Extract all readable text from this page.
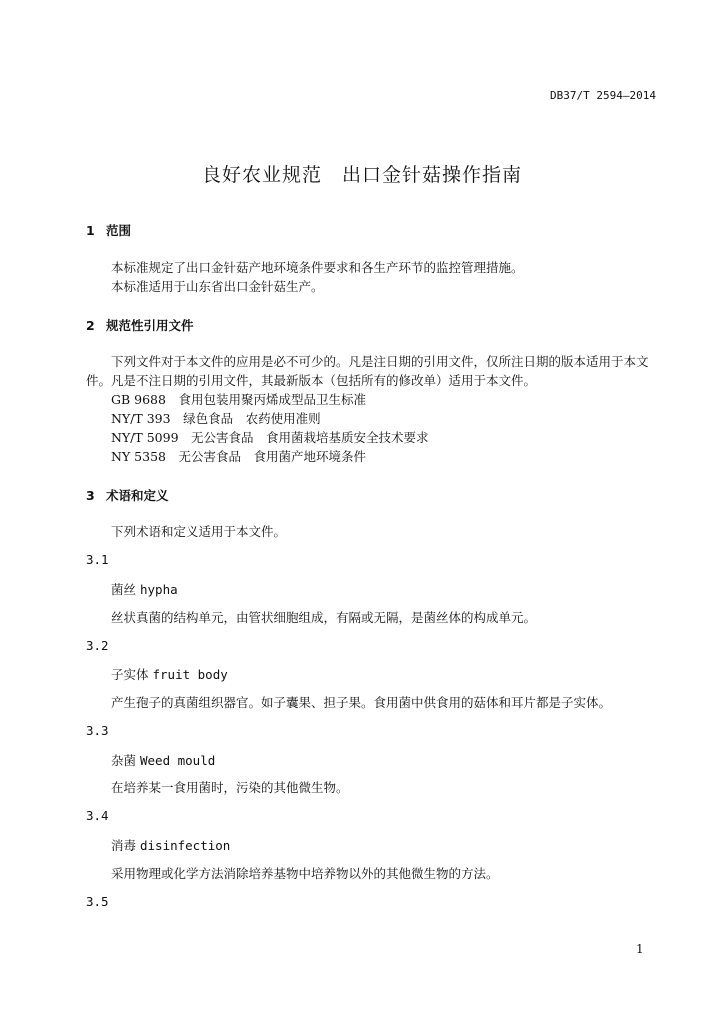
DB37/T 2594—2014
良好农业规范　出口金针菇操作指南
1 范围
本标准规定了出口金针菇产地环境条件要求和各生产环节的监控管理措施。
本标准适用于山东省出口金针菇生产。
2 规范性引用文件
下列文件对于本文件的应用是必不可少的。凡是注日期的引用文件，仅所注日期的版本适用于本文
件。凡是不注日期的引用文件，其最新版本（包括所有的修改单）适用于本文件。
GB 9688　食用包装用聚丙烯成型品卫生标准
NY/T 393　绿色食品　农药使用准则
NY/T 5099　无公害食品　食用菌栽培基质安全技术要求
NY 5358　无公害食品　食用菌产地环境条件
3 术语和定义
下列术语和定义适用于本文件。
3.1
菌丝 hypha
丝状真菌的结构单元，由管状细胞组成，有隔或无隔，是菌丝体的构成单元。
3.2
子实体 fruit body
产生孢子的真菌组织器官。如子囊果、担子果。食用菌中供食用的菇体和耳片都是子实体。
3.3
杂菌 Weed mould
在培养某一食用菌时，污染的其他微生物。
3.4
消毒 disinfection
采用物理或化学方法消除培养基物中培养物以外的其他微生物的方法。
3.5
1
